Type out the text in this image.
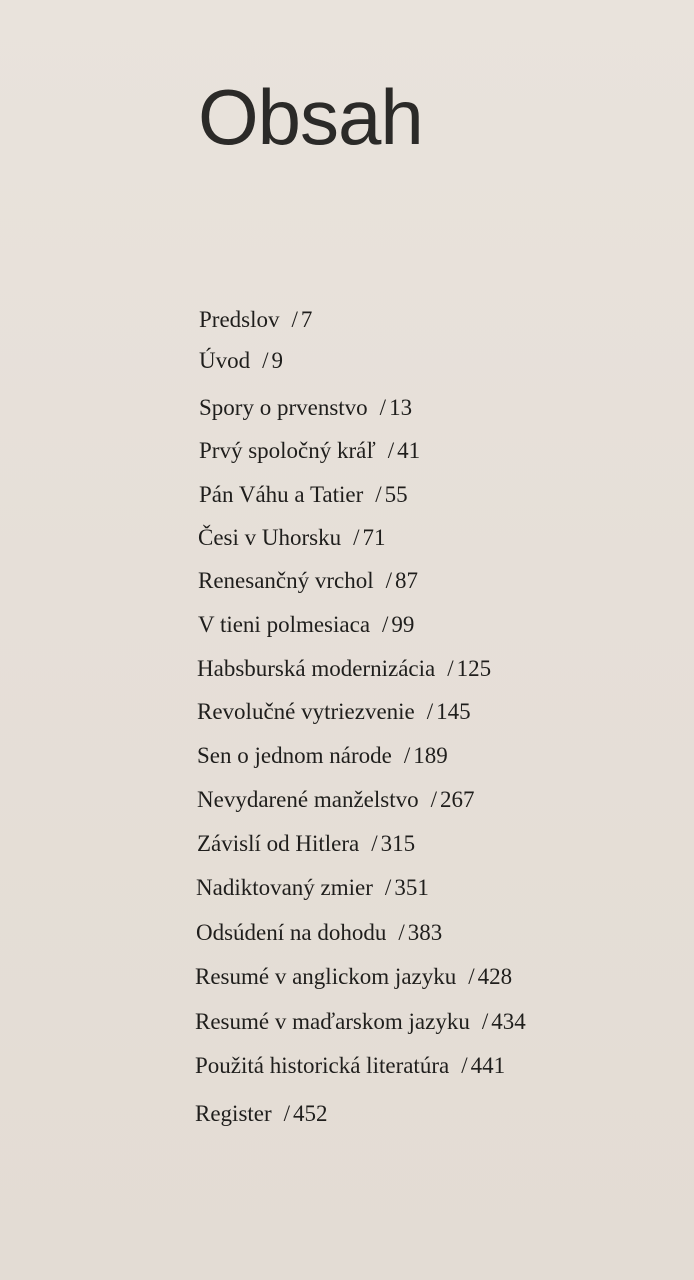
Obsah
Predslov / 7
Úvod / 9
Spory o prvenstvo / 13
Prvý spoločný kráľ / 41
Pán Váhu a Tatier / 55
Česi v Uhorsku / 71
Renesančný vrchol / 87
V tieni polmesiaca / 99
Habsburská modernizácia / 125
Revolučné vytriezvenie / 145
Sen o jednom národe / 189
Nevydarené manželstvo / 267
Závislí od Hitlera / 315
Nadiktovaný zmier / 351
Odsúdení na dohodu / 383
Resumé v anglickom jazyku / 428
Resumé v maďarskom jazyku / 434
Použitá historická literatúra / 441
Register / 452
